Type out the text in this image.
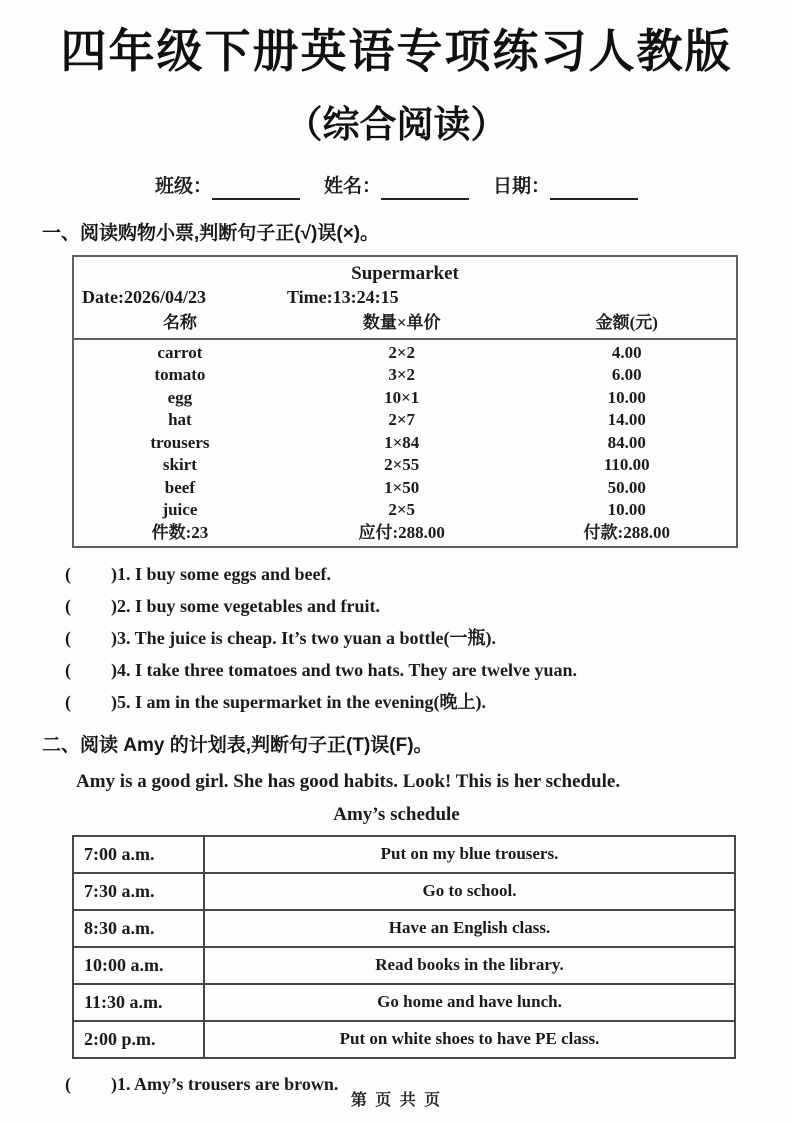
四年级下册英语专项练习人教版
（综合阅读）
班级：	姓名：	日期：
一、阅读购物小票,判断句子正(√)误(×)。
Supermarket
Date:2026/04/23	Time:13:24:15
名称	数量×单价	金额(元)
carrot	2×2	4.00
tomato	3×2	6.00
egg	10×1	10.00
hat	2×7	14.00
trousers	1×84	84.00
skirt	2×55	110.00
beef	1×50	50.00
juice	2×5	10.00
件数:23	应付:288.00	付款:288.00
( ) 1. I buy some eggs and beef.
( ) 2. I buy some vegetables and fruit.
( ) 3. The juice is cheap. It’s two yuan a bottle(一瓶).
( ) 4. I take three tomatoes and two hats. They are twelve yuan.
( ) 5. I am in the supermarket in the evening(晚上).
二、阅读 Amy 的计划表,判断句子正(T)误(F)。
Amy is a good girl. She has good habits. Look! This is her schedule.
Amy’s schedule
7:00 a.m.	Put on my blue trousers.
7:30 a.m.	Go to school.
8:30 a.m.	Have an English class.
10:00 a.m.	Read books in the library.
11:30 a.m.	Go home and have lunch.
2:00 p.m.	Put on white shoes to have PE class.
( ) 1. Amy’s trousers are brown.
第 页 共 页
